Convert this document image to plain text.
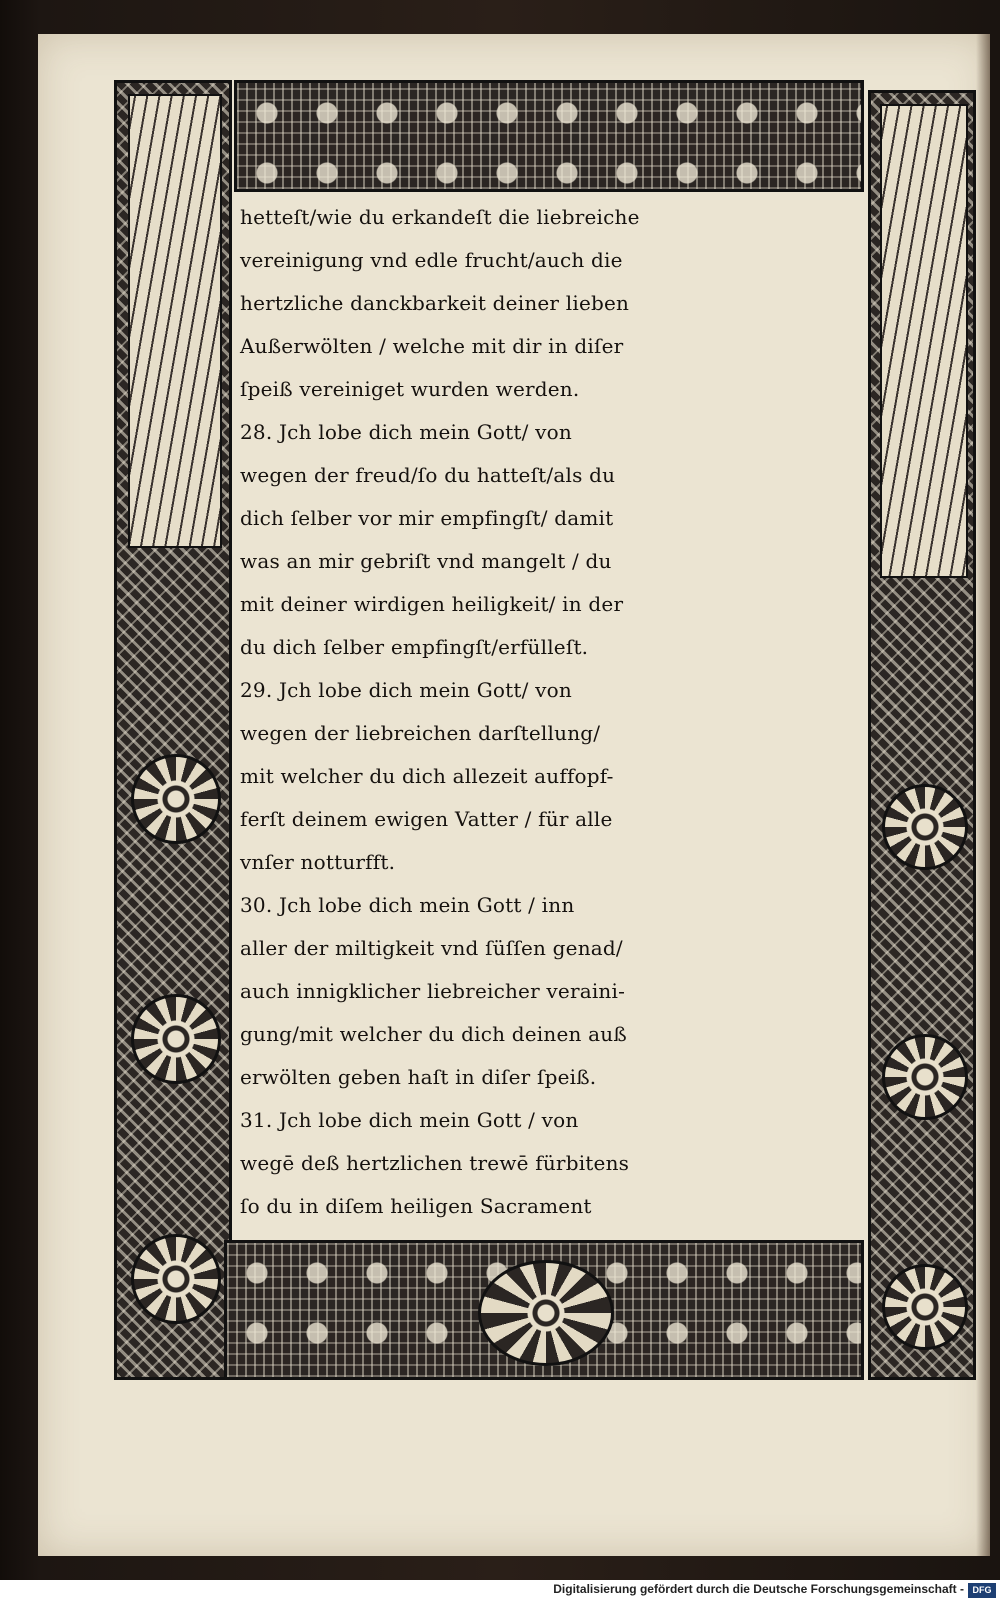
hetteſt/wie du erkandeſt die liebreiche
vereinigung vnd edle frucht/auch die
hertzliche danckbarkeit deiner lieben
Außerwölten / welche mit dir in diſer
ſpeiß vereiniget wurden werden.
28. Jch lobe dich mein Gott/ von
wegen der freud/ſo du hatteſt/als du
dich ſelber vor mir empfingſt/ damit
was an mir gebriſt vnd mangelt / du
mit deiner wirdigen heiligkeit/ in der
du dich ſelber empfingſt/erfülleſt.
29. Jch lobe dich mein Gott/ von
wegen der liebreichen darſtellung/
mit welcher du dich allezeit auffopf-
ferſt deinem ewigen Vatter / für alle
vnſer notturfft.
30. Jch lobe dich mein Gott / inn
aller der miltigkeit vnd ſüſſen genad/
auch innigklicher liebreicher veraini-
gung/mit welcher du dich deinen auß
erwölten geben haſt in diſer ſpeiß.
31. Jch lobe dich mein Gott / von
wegē deß hertzlichen trewē fürbitens
ſo du in diſem heiligen Sacrament
Digitalisierung gefördert durch die Deutsche Forschungsgemeinschaft - DFG
